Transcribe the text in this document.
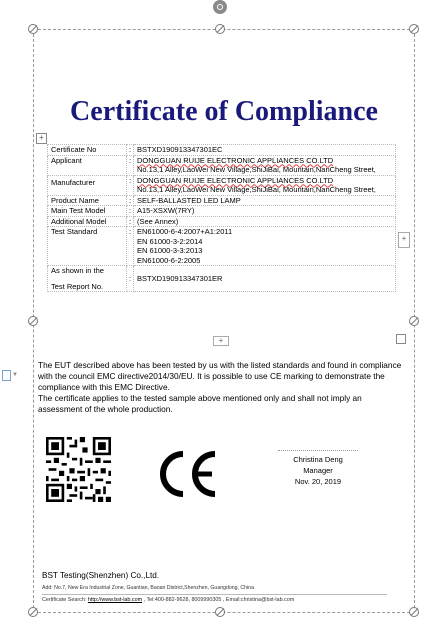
▼
Certificate of Compliance
+
+
Certificate No	:	BSTXD190913347301EC
Applicant	:	DONGGUAN RUIJE ELECTRONIC APPLIANCES CO.LTD
No.13,1 Alley,LaoWei New Village,ShiJiBai, Mountain,NanCheng Street,

Manufacturer	:	DONGGUAN RUIJE ELECTRONIC APPLIANCES CO.LTD
No.13,1 Alley,LaoWei New Village,ShiJiBai, Mountain,NanCheng Street,

Product Name	:	SELF-BALLASTED LED LAMP
Main Test Model	:	A15-XSXW(7RY)
Additional Model	:	(See Annex)
Test Standard	:	EN61000-6-4:2007+A1:2011
EN 61000-3-2:2014
EN 61000-3-3:2013
EN61000-6-2:2005

As shown in the
Test Report No.	:	BSTXD190913347301ER
+

The EUT described above has been tested by us with the listed standards and found in compliance with the council EMC directive2014/30/EU. It is possible to use CE marking to demonstrate the compliance with this EMC Directive.

The certificate applies to the tested sample above mentioned only and shall not imply an assessment of the whole production.

Christina Deng
Manager
Nov. 20, 2019
BST Testing(Shenzhen) Co.,Ltd.
Add: No.7, New Era Industrial Zone, Guantian, Baoan District,Shenzhen, Guangdong, China
Certificate Search: http://www.bst-lab.com , Tel:400-882-9628, 8009990305 , Email:christina@bst-lab.com
